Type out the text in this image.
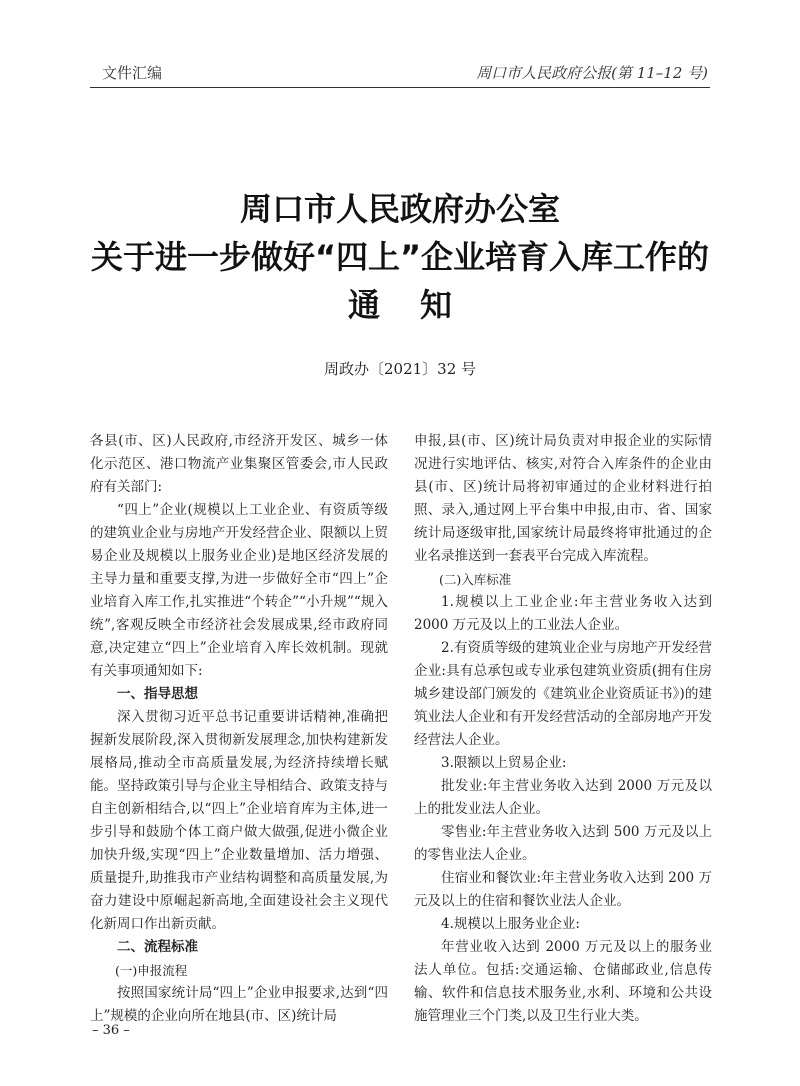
文件汇编	周口市人民政府公报(第 11–12 号)
周口市人民政府办公室
关于进一步做好“四上”企业培育入库工作的
通知
周政办〔2021〕32 号

各县(市、区)人民政府,市经济开发区、城乡一体化示范区、港口物流产业集聚区管委会,市人民政府有关部门:

“四上”企业(规模以上工业企业、有资质等级的建筑业企业与房地产开发经营企业、限额以上贸易企业及规模以上服务业企业)是地区经济发展的主导力量和重要支撑,为进一步做好全市“四上”企业培育入库工作,扎实推进“个转企”“小升规”“规入统”,客观反映全市经济社会发展成果,经市政府同意,决定建立“四上”企业培育入库长效机制。现就有关事项通知如下:

一、指导思想

深入贯彻习近平总书记重要讲话精神,准确把握新发展阶段,深入贯彻新发展理念,加快构建新发展格局,推动全市高质量发展,为经济持续增长赋能。坚持政策引导与企业主导相结合、政策支持与自主创新相结合,以“四上”企业培育库为主体,进一步引导和鼓励个体工商户做大做强,促进小微企业加快升级,实现“四上”企业数量增加、活力增强、质量提升,助推我市产业结构调整和高质量发展,为奋力建设中原崛起新高地,全面建设社会主义现代化新周口作出新贡献。

二、流程标准

(一)申报流程

按照国家统计局“四上”企业申报要求,达到“四上”规模的企业向所在地县(市、区)统计局

申报,县(市、区)统计局负责对申报企业的实际情况进行实地评估、核实,对符合入库条件的企业由县(市、区)统计局将初审通过的企业材料进行拍照、录入,通过网上平台集中申报,由市、省、国家统计局逐级审批,国家统计局最终将审批通过的企业名录推送到一套表平台完成入库流程。

(二)入库标准

1.规模以上工业企业:年主营业务收入达到 2000 万元及以上的工业法人企业。

2.有资质等级的建筑业企业与房地产开发经营企业:具有总承包或专业承包建筑业资质(拥有住房城乡建设部门颁发的《建筑业企业资质证书》)的建筑业法人企业和有开发经营活动的全部房地产开发经营法人企业。

3.限额以上贸易企业:

批发业:年主营业务收入达到 2000 万元及以上的批发业法人企业。

零售业:年主营业务收入达到 500 万元及以上的零售业法人企业。

住宿业和餐饮业:年主营业务收入达到 200 万元及以上的住宿和餐饮业法人企业。

4.规模以上服务业企业:

年营业收入达到 2000 万元及以上的服务业法人单位。包括:交通运输、仓储邮政业,信息传输、软件和信息技术服务业,水利、环境和公共设施管理业三个门类,以及卫生行业大类。

– 36 –
